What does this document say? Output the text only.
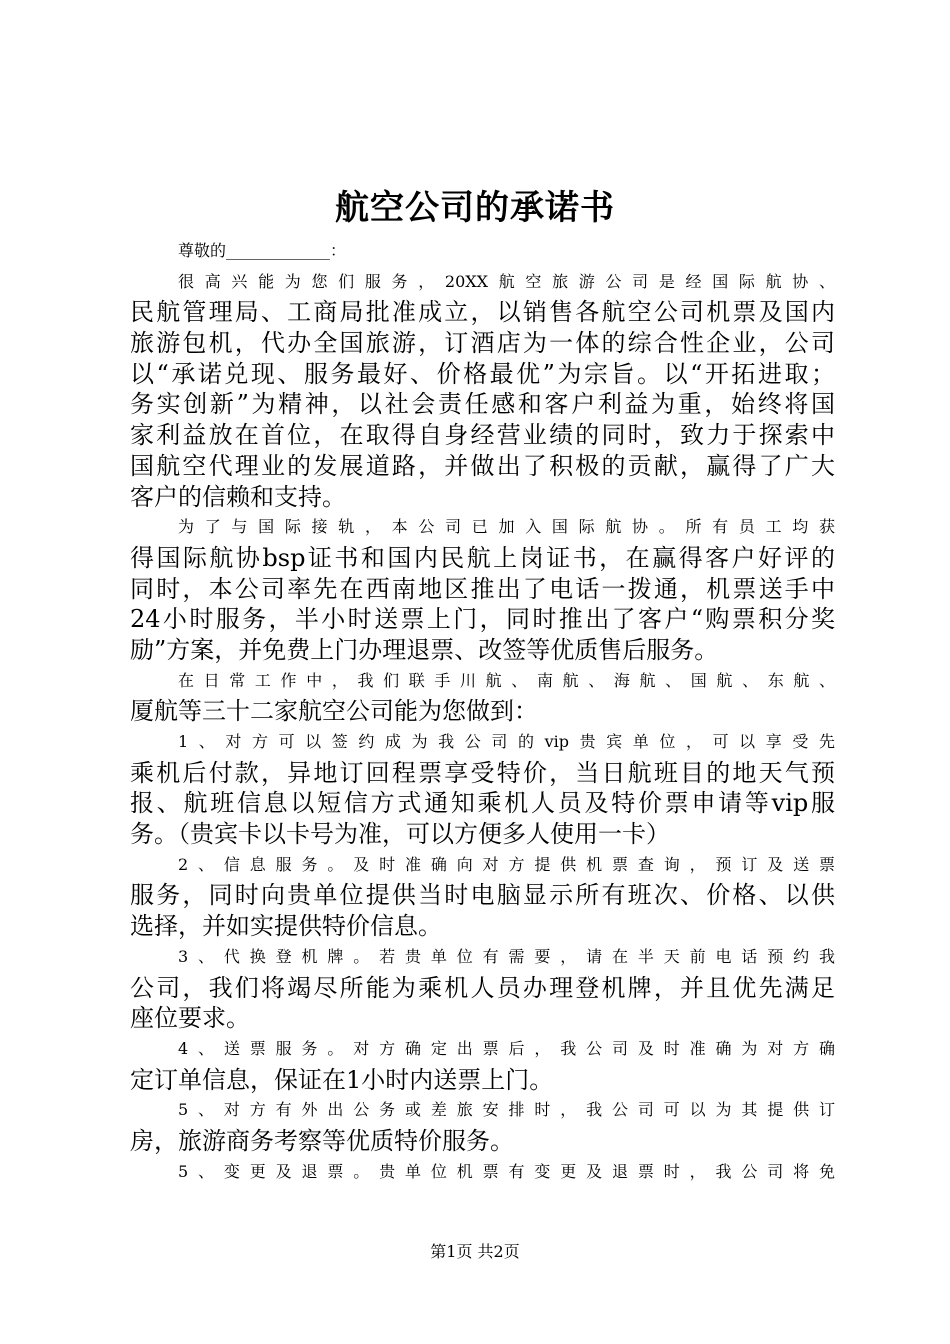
航空公司的承诺书
尊敬的_____________：
很高兴能为您们服务，20XX航空旅游公司是经国际航协、
民航管理局、工商局批准成立，以销售各航空公司机票及国内
旅游包机，代办全国旅游，订酒店为一体的综合性企业，公司
以“承诺兑现、服务最好、价格最优”为宗旨。以“开拓进取；
务实创新”为精神，以社会责任感和客户利益为重，始终将国
家利益放在首位，在取得自身经营业绩的同时，致力于探索中
国航空代理业的发展道路，并做出了积极的贡献，赢得了广大
客户的信赖和支持。
为了与国际接轨，本公司已加入国际航协。所有员工均获
得国际航协bsp证书和国内民航上岗证书，在赢得客户好评的
同时，本公司率先在西南地区推出了电话一拨通，机票送手中
24小时服务，半小时送票上门，同时推出了客户“购票积分奖
励”方案，并免费上门办理退票、改签等优质售后服务。
在日常工作中，我们联手川航、南航、海航、国航、东航、
厦航等三十二家航空公司能为您做到：
1、对方可以签约成为我公司的vip贵宾单位，可以享受先
乘机后付款，异地订回程票享受特价，当日航班目的地天气预
报、航班信息以短信方式通知乘机人员及特价票申请等vip服
务。（贵宾卡以卡号为准，可以方便多人使用一卡）
2、信息服务。及时准确向对方提供机票查询，预订及送票
服务，同时向贵单位提供当时电脑显示所有班次、价格、以供
选择，并如实提供特价信息。
3、代换登机牌。若贵单位有需要，请在半天前电话预约我
公司，我们将竭尽所能为乘机人员办理登机牌，并且优先满足
座位要求。
4、送票服务。对方确定出票后，我公司及时准确为对方确
定订单信息，保证在1小时内送票上门。
5、对方有外出公务或差旅安排时，我公司可以为其提供订
房，旅游商务考察等优质特价服务。
5、变更及退票。贵单位机票有变更及退票时，我公司将免
第1页 共2页
